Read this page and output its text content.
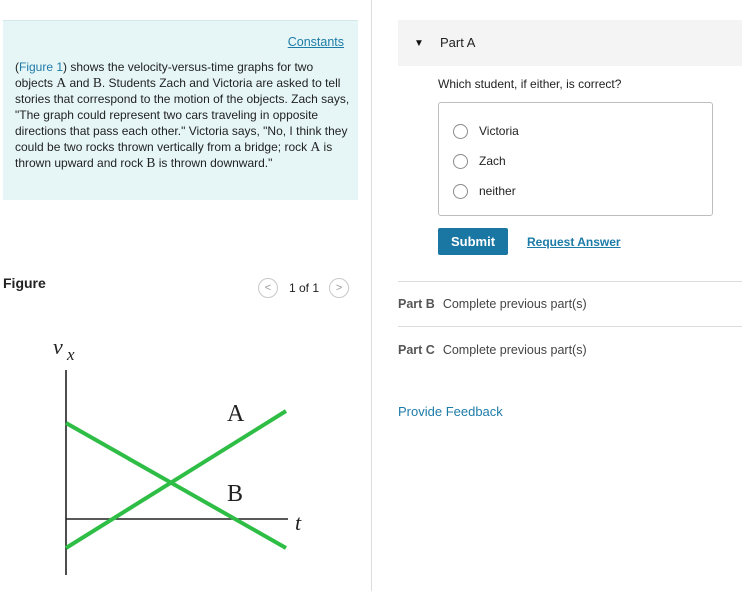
Constants

(Figure 1) shows the velocity-versus-time graphs for two objects A and B. Students Zach and Victoria are asked to tell stories that correspond to the motion of the objects. Zach says, "The graph could represent two cars traveling in opposite directions that pass each other." Victoria says, "No, I think they could be two rocks thrown vertically from a bridge; rock A is thrown upward and rock B is thrown downward."

Figure	< 1 of 1 >
v x
t
A
B
▼ Part A
Which student, if either, is correct?
Victoria
Zach
neither
Submit	Request Answer
Part B Complete previous part(s)
Part C Complete previous part(s)
Provide Feedback
